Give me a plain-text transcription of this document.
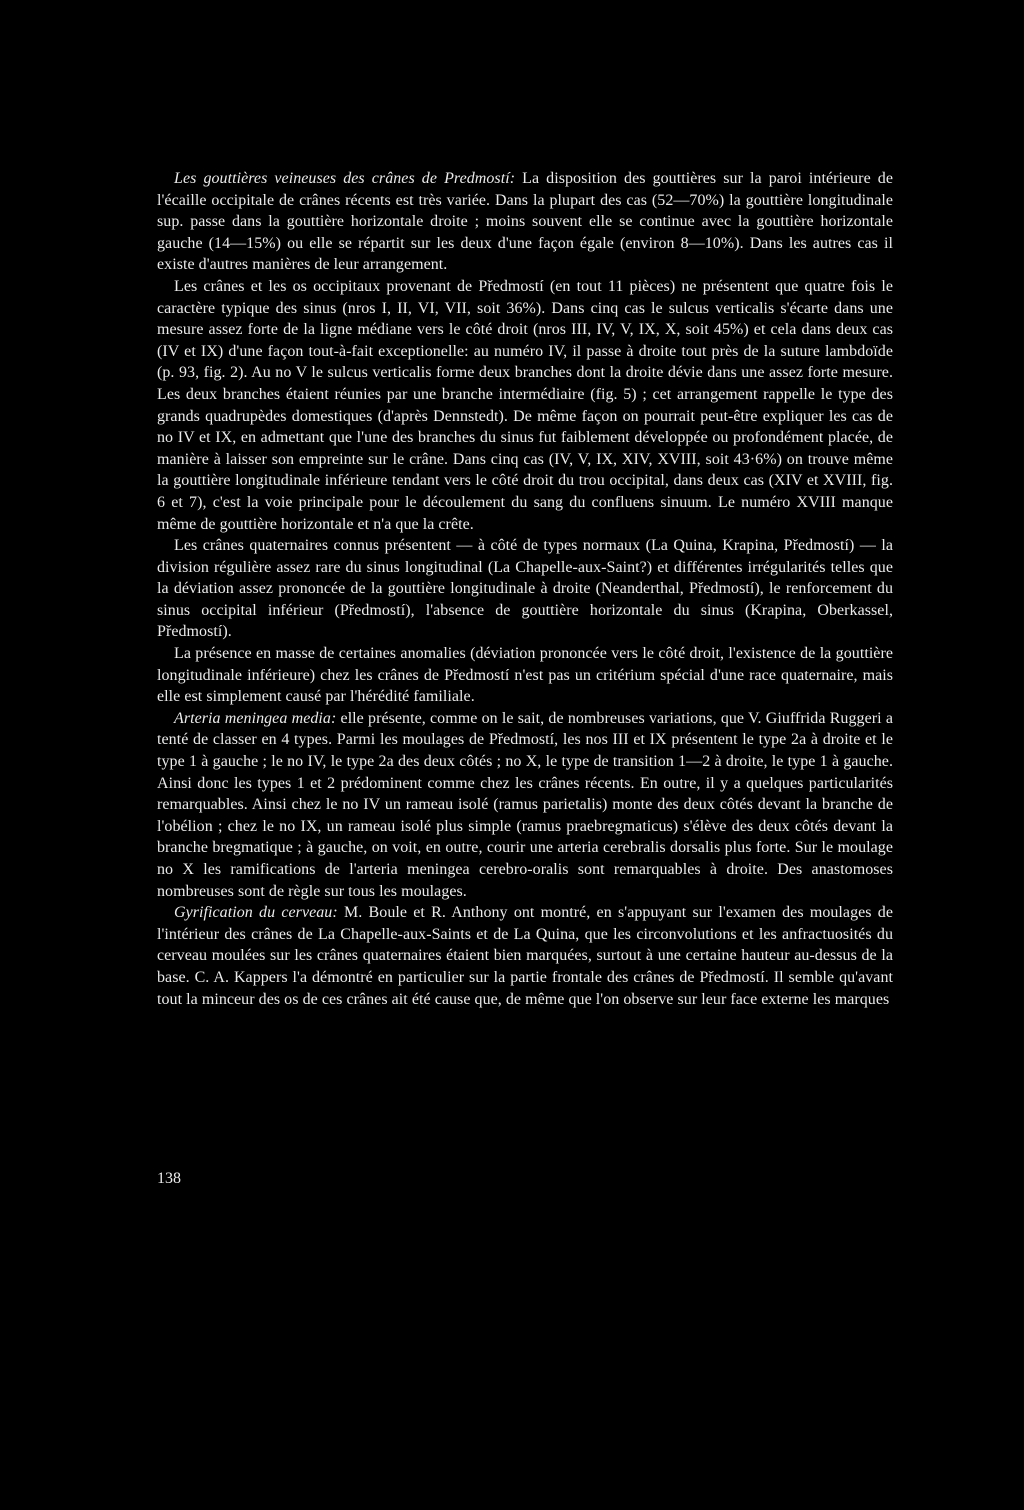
Les gouttières veineuses des crânes de Predmostí: La disposition des gouttières sur la paroi intérieure de l'écaille occipitale de crânes récents est très variée. Dans la plupart des cas (52—70%) la gouttière longitudinale sup. passe dans la gouttière horizontale droite ; moins souvent elle se continue avec la gouttière horizontale gauche (14—15%) ou elle se répartit sur les deux d'une façon égale (environ 8—10%). Dans les autres cas il existe d'autres manières de leur arrangement.

Les crânes et les os occipitaux provenant de Předmostí (en tout 11 pièces) ne présentent que quatre fois le caractère typique des sinus (nros I, II, VI, VII, soit 36%). Dans cinq cas le sulcus verticalis s'écarte dans une mesure assez forte de la ligne médiane vers le côté droit (nros III, IV, V, IX, X, soit 45%) et cela dans deux cas (IV et IX) d'une façon tout-à-fait exceptionelle: au numéro IV, il passe à droite tout près de la suture lambdoïde (p. 93, fig. 2). Au no V le sulcus verticalis forme deux branches dont la droite dévie dans une assez forte mesure. Les deux branches étaient réunies par une branche intermédiaire (fig. 5) ; cet arrangement rappelle le type des grands quadrupèdes domestiques (d'après Dennstedt). De même façon on pourrait peut-être expliquer les cas de no IV et IX, en admettant que l'une des branches du sinus fut faiblement développée ou profondément placée, de manière à laisser son empreinte sur le crâne. Dans cinq cas (IV, V, IX, XIV, XVIII, soit 43·6%) on trouve même la gouttière longitudinale inférieure tendant vers le côté droit du trou occipital, dans deux cas (XIV et XVIII, fig. 6 et 7), c'est la voie principale pour le découlement du sang du confluens sinuum. Le numéro XVIII manque même de gouttière horizontale et n'a que la crête.

Les crânes quaternaires connus présentent — à côté de types normaux (La Quina, Krapina, Předmostí) — la division régulière assez rare du sinus longitudinal (La Chapelle-aux-Saint?) et différentes irrégularités telles que la déviation assez prononcée de la gouttière longitudinale à droite (Neanderthal, Předmostí), le renforcement du sinus occipital inférieur (Předmostí), l'absence de gouttière horizontale du sinus (Krapina, Oberkassel, Předmostí).

La présence en masse de certaines anomalies (déviation prononcée vers le côté droit, l'existence de la gouttière longitudinale inférieure) chez les crânes de Předmostí n'est pas un critérium spécial d'une race quaternaire, mais elle est simplement causé par l'hérédité familiale.

Arteria meningea media: elle présente, comme on le sait, de nombreuses variations, que V. Giuffrida Ruggeri a tenté de classer en 4 types. Parmi les moulages de Předmostí, les nos III et IX présentent le type 2a à droite et le type 1 à gauche ; le no IV, le type 2a des deux côtés ; no X, le type de transition 1—2 à droite, le type 1 à gauche. Ainsi donc les types 1 et 2 prédominent comme chez les crânes récents. En outre, il y a quelques particularités remarquables. Ainsi chez le no IV un rameau isolé (ramus parietalis) monte des deux côtés devant la branche de l'obélion ; chez le no IX, un rameau isolé plus simple (ramus praebregmaticus) s'élève des deux côtés devant la branche bregmatique ; à gauche, on voit, en outre, courir une arteria cerebralis dorsalis plus forte. Sur le moulage no X les ramifications de l'arteria meningea cerebro-oralis sont remarquables à droite. Des anastomoses nombreuses sont de règle sur tous les moulages.

Gyrification du cerveau: M. Boule et R. Anthony ont montré, en s'appuyant sur l'examen des moulages de l'intérieur des crânes de La Chapelle-aux-Saints et de La Quina, que les circonvolutions et les anfractuosités du cerveau moulées sur les crânes quaternaires étaient bien marquées, surtout à une certaine hauteur au-dessus de la base. C. A. Kappers l'a démontré en particulier sur la partie frontale des crânes de Předmostí. Il semble qu'avant tout la minceur des os de ces crânes ait été cause que, de même que l'on observe sur leur face externe les marques

138
